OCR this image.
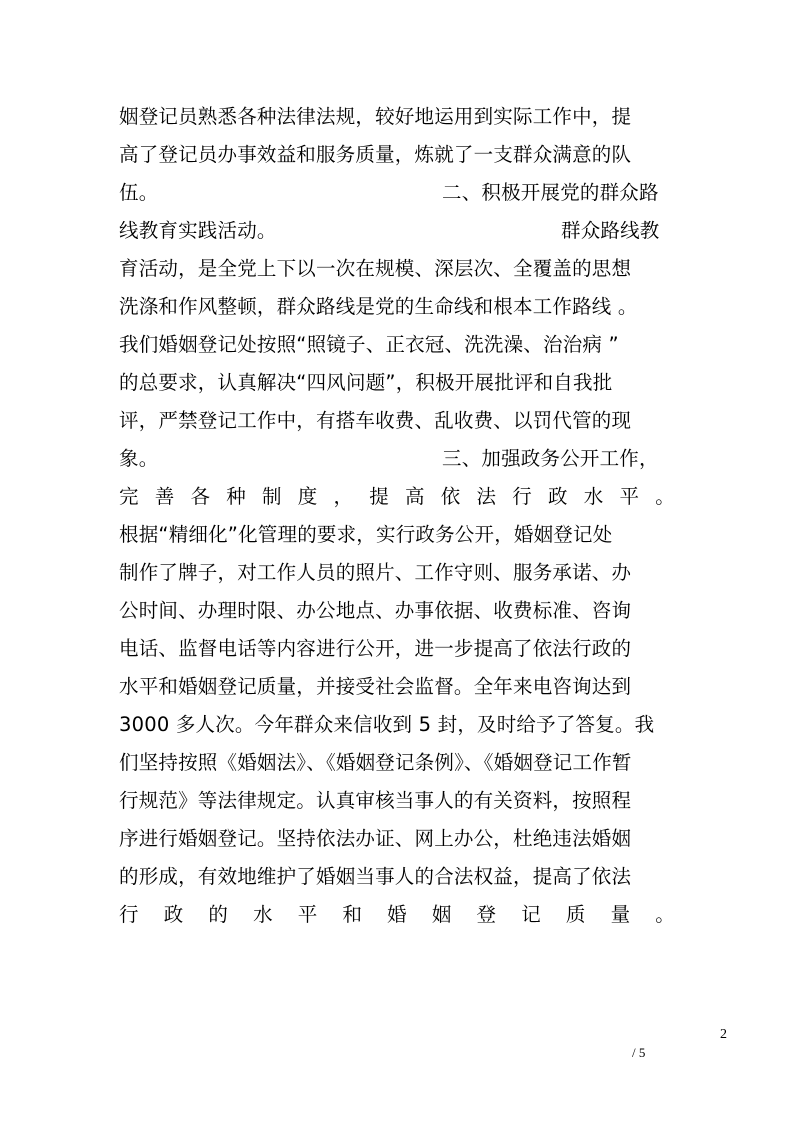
姻登记员熟悉各种法律法规，较好地运用到实际工作中，提
高了登记员办事效益和服务质量，炼就了一支群众满意的队
伍。	二、积极开展党的群众路
线教育实践活动。	群众路线教
育活动，是全党上下以一次在规模、深层次、全覆盖的思想
洗涤和作风整顿，群众路线是党的生命线和根本工作路线 。
我们婚姻登记处按照“照镜子、正衣冠、洗洗澡、治治病 ”
的总要求，认真解决“四风问题”，积极开展批评和自我批
评，严禁登记工作中，有搭车收费、乱收费、以罚代管的现
象。	三、加强政务公开工作，
完 善 各 种 制 度 ， 提 高 依 法 行 政 水 平 。
根据“精细化”化管理的要求，实行政务公开，婚姻登记处
制作了牌子，对工作人员的照片、工作守则、服务承诺、办
公时间、办理时限、办公地点、办事依据、收费标准、咨询
电话、监督电话等内容进行公开，进一步提高了依法行政的
水平和婚姻登记质量，并接受社会监督。全年来电咨询达到
3000 多人次。今年群众来信收到 5 封，及时给予了答复。我
们坚持按照《婚姻法》、《婚姻登记条例》、《婚姻登记工作暂
行规范》等法律规定。认真审核当事人的有关资料，按照程
序进行婚姻登记。坚持依法办证、网上办公，杜绝违法婚姻
的形成，有效地维护了婚姻当事人的合法权益，提高了依法
行 政 的 水 平 和 婚 姻 登 记 质 量 。
2
/ 5
